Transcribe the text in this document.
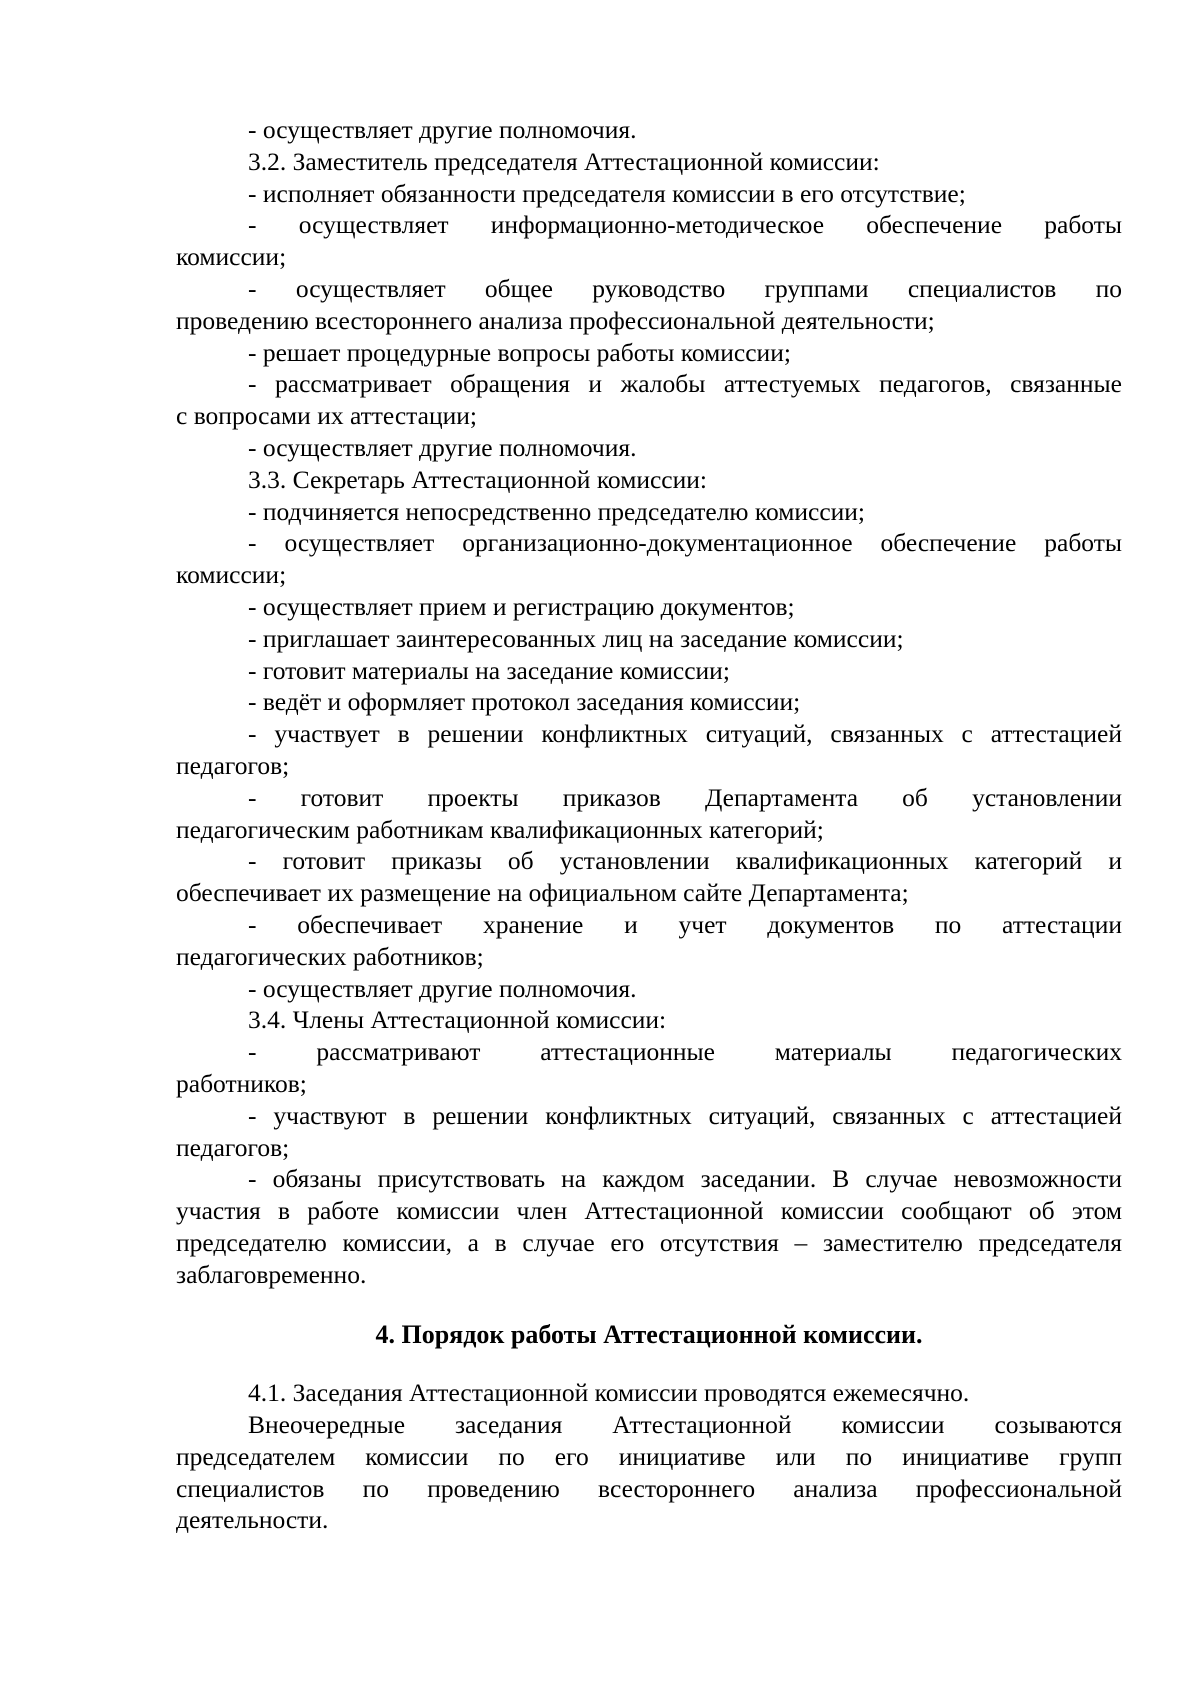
- осуществляет другие полномочия.
3.2. Заместитель председателя Аттестационной комиссии:
- исполняет обязанности председателя комиссии в его отсутствие;
- осуществляет информационно-методическое обеспечение работы
комиссии;
- осуществляет общее руководство группами специалистов по
проведению всестороннего анализа профессиональной деятельности;
- решает процедурные вопросы работы комиссии;
- рассматривает обращения и жалобы аттестуемых педагогов, связанные
с вопросами их аттестации;
- осуществляет другие полномочия.
3.3. Секретарь Аттестационной комиссии:
- подчиняется непосредственно председателю комиссии;
- осуществляет организационно-документационное обеспечение работы
комиссии;
- осуществляет прием и регистрацию документов;
- приглашает заинтересованных лиц на заседание комиссии;
- готовит материалы на заседание комиссии;
- ведёт и оформляет протокол заседания комиссии;
- участвует в решении конфликтных ситуаций, связанных с аттестацией
педагогов;
- готовит проекты приказов Департамента об установлении
педагогическим работникам квалификационных категорий;
- готовит приказы об установлении квалификационных категорий и
обеспечивает их размещение на официальном сайте Департамента;
- обеспечивает хранение и учет документов по аттестации
педагогических работников;
- осуществляет другие полномочия.
3.4. Члены Аттестационной комиссии:
- рассматривают аттестационные материалы педагогических
работников;
- участвуют в решении конфликтных ситуаций, связанных с аттестацией
педагогов;
- обязаны присутствовать на каждом заседании. В случае невозможности
участия в работе комиссии член Аттестационной комиссии сообщают об этом
председателю комиссии, а в случае его отсутствия – заместителю председателя
заблаговременно.
4. Порядок работы Аттестационной комиссии.
4.1. Заседания Аттестационной комиссии проводятся ежемесячно.
Внеочередные заседания Аттестационной комиссии созываются
председателем комиссии по его инициативе или по инициативе групп
специалистов по проведению всестороннего анализа профессиональной
деятельности.
